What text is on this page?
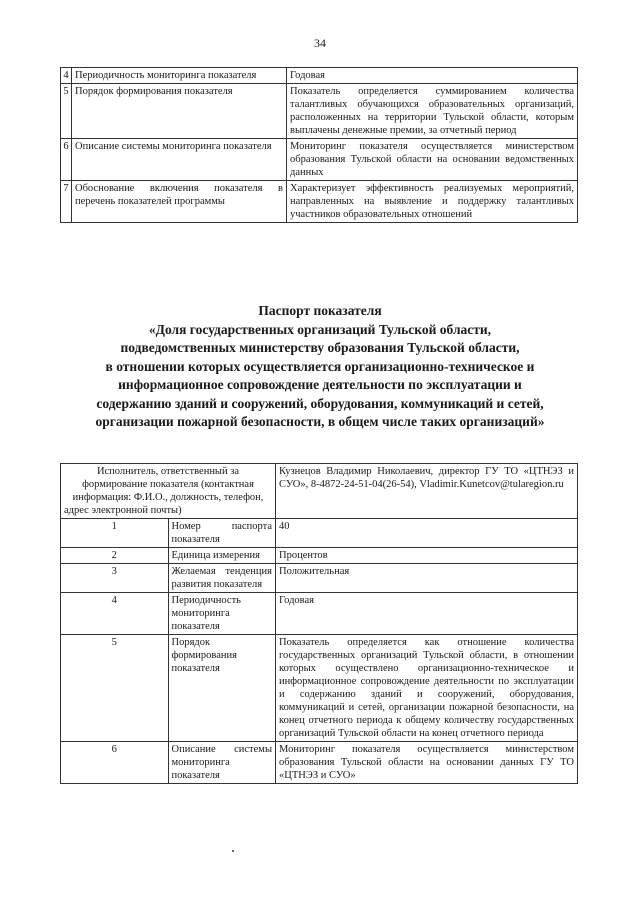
34
4	Периодичность мониторинга показателя	Годовая
5	Порядок формирования показателя	Показатель определяется суммированием количества талантливых обучающихся образовательных организаций, расположенных на территории Тульской области, которым выплачены денежные премии, за отчетный период
6	Описание системы мониторинга показателя	Мониторинг показателя осуществляется министерством образования Тульской области на основании ведомственных данных
7	Обоснование включения показателя в перечень показателей программы	Характеризует эффективность реализуемых мероприятий, направленных на выявление и поддержку талантливых участников образовательных отношений
Паспорт показателя
«Доля государственных организаций Тульской области,
подведомственных министерству образования Тульской области,
в отношении которых осуществляется организационно-техническое и
информационное сопровождение деятельности по эксплуатации и
содержанию зданий и сооружений, оборудования, коммуникаций и сетей,
организации пожарной безопасности, в общем числе таких организаций»
Исполнитель, ответственный за формирование показателя (контактная информация: Ф.И.О., должность, телефон, адрес электронной почты)		Кузнецов Владимир Николаевич, директор ГУ ТО «ЦТНЭЗ и СУО», 8-4872-24-51-04(26-54), Vladimir.Kunetcov@tularegion.ru
1	Номер паспорта показателя	40
2	Единица измерения	Процентов
3	Желаемая тенденция развития показателя	Положительная
4	Периодичность мониторинга показателя	Годовая
5	Порядок формирования показателя	Показатель определяется как отношение количества государственных организаций Тульской области, в отношении которых осуществлено организационно-техническое и информационное сопровождение деятельности по эксплуатации и содержанию зданий и сооружений, оборудования, коммуникаций и сетей, организации пожарной безопасности, на конец отчетного периода к общему количеству государственных организаций Тульской области на конец отчетного периода
6	Описание системы мониторинга показателя	Мониторинг показателя осуществляется министерством образования Тульской области на основании данных ГУ ТО «ЦТНЭЗ и СУО»
